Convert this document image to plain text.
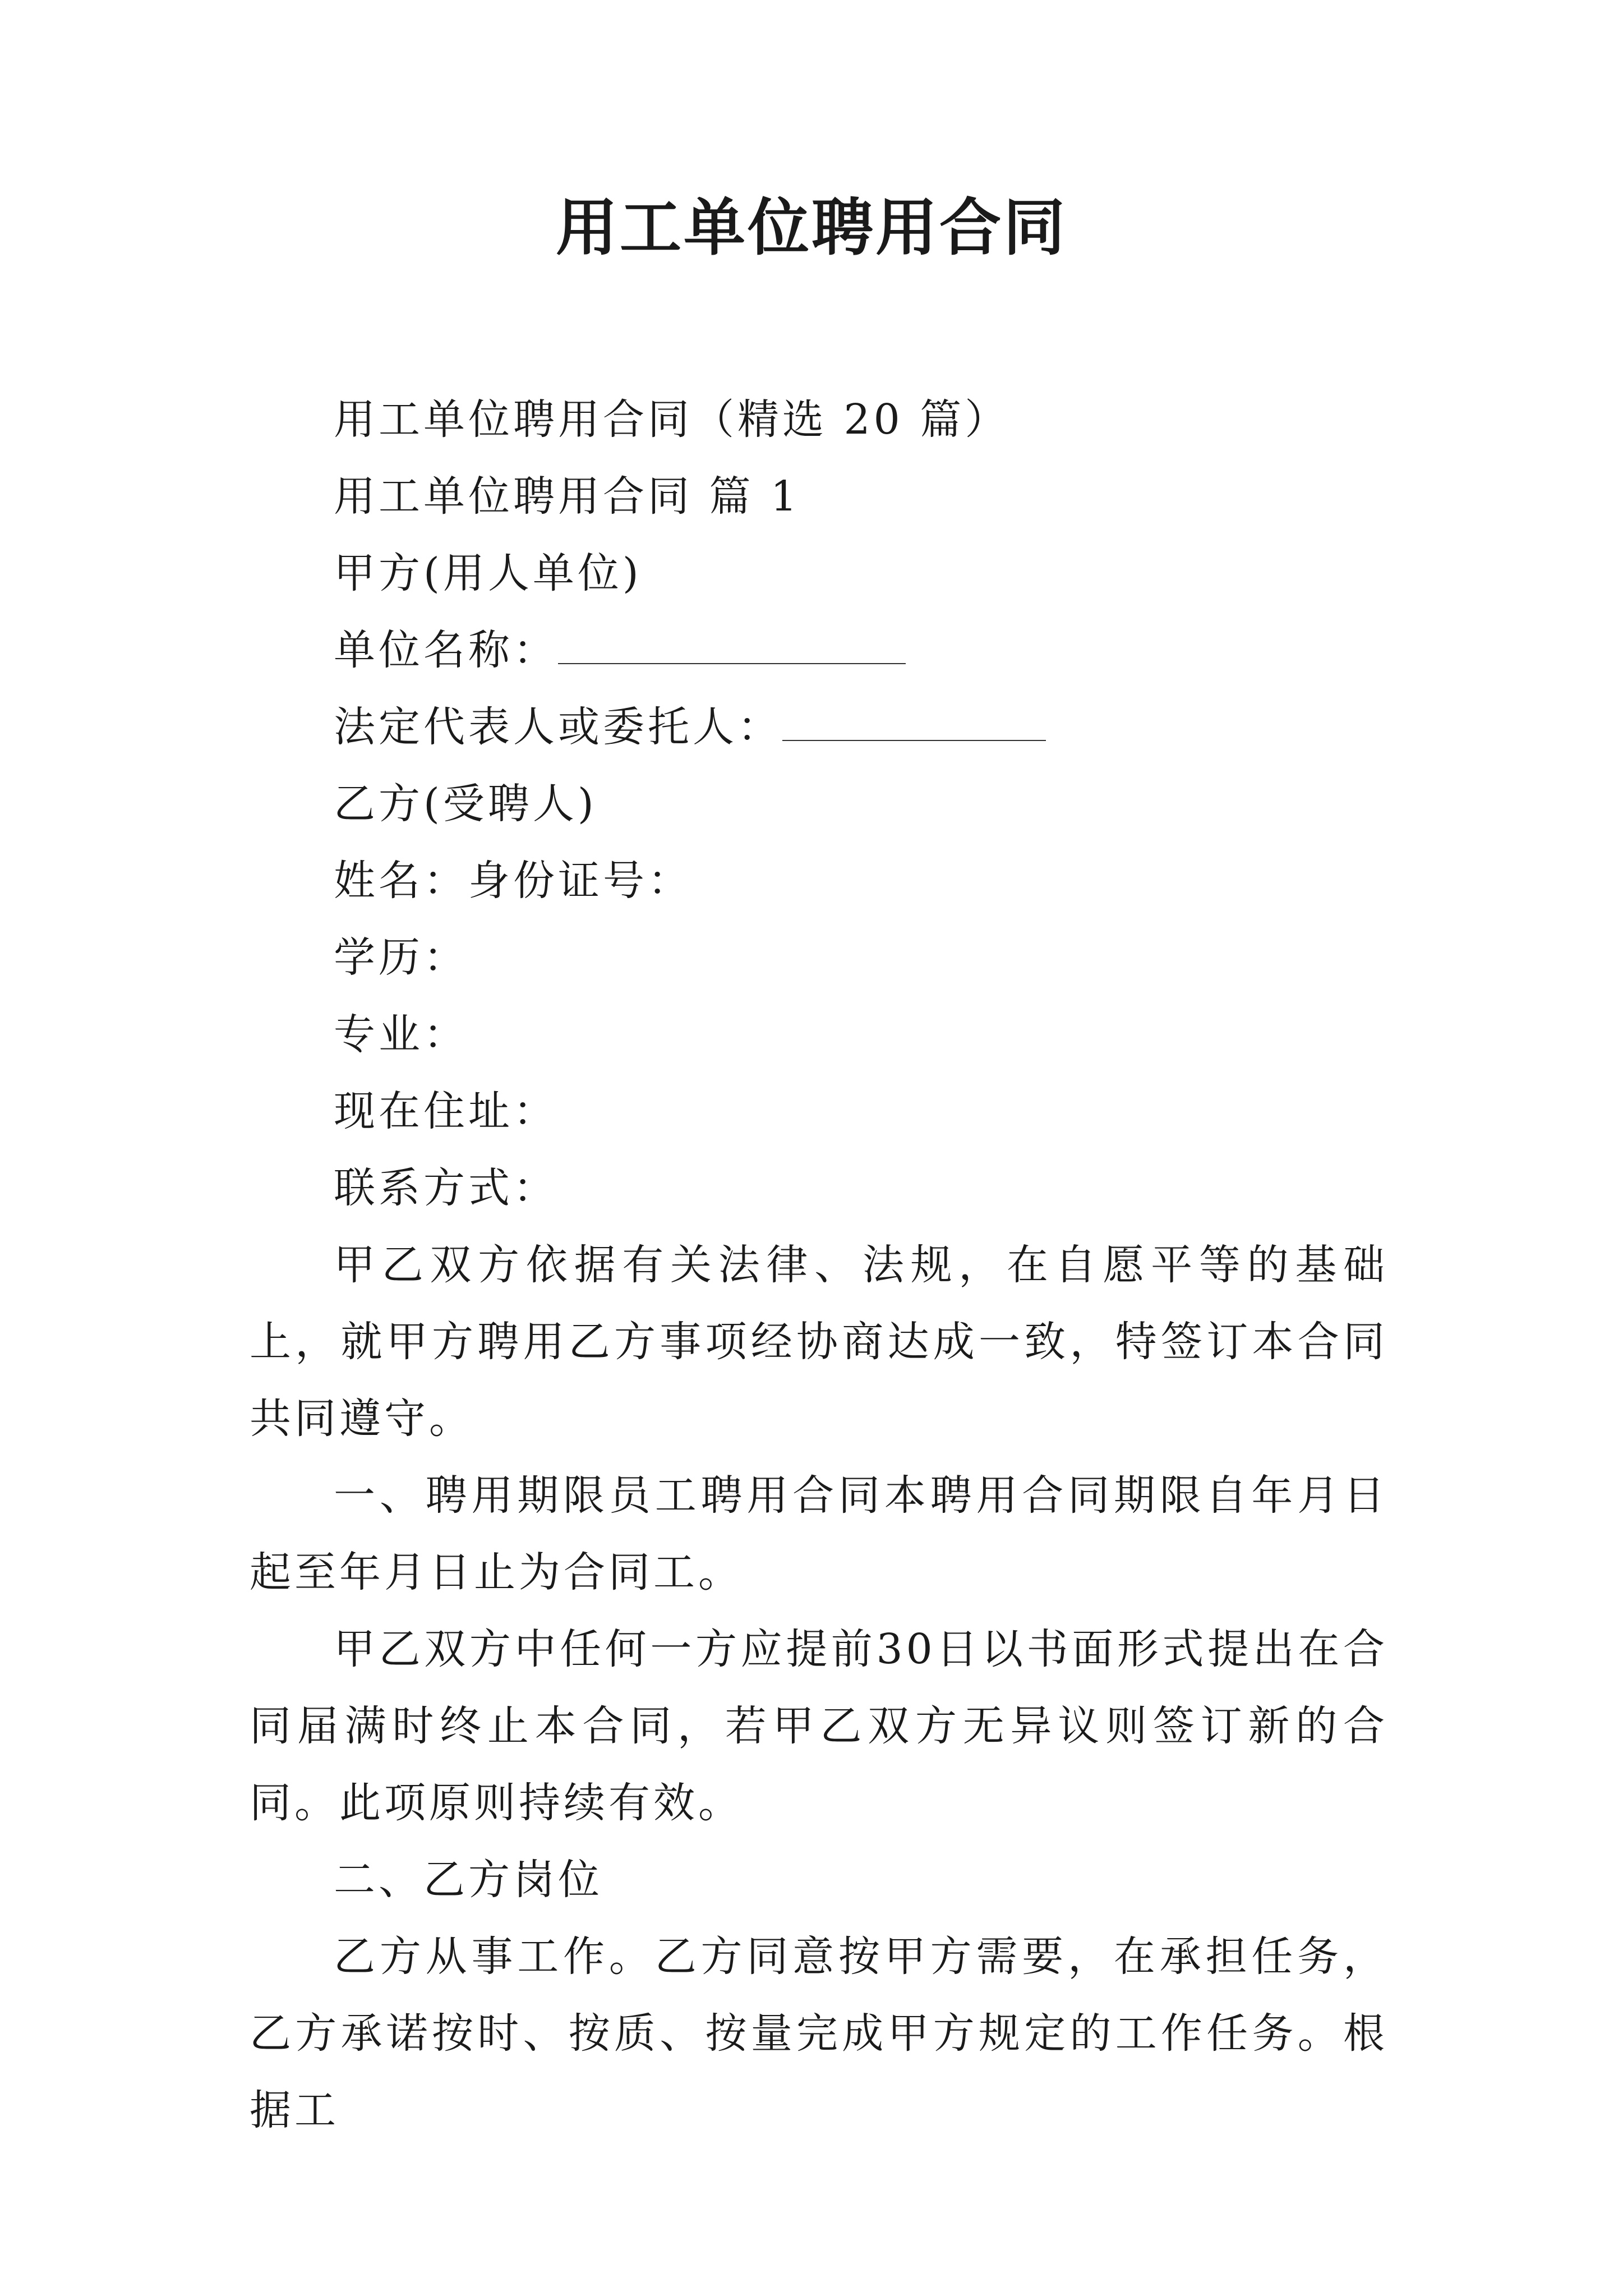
用工单位聘用合同

用工单位聘用合同（精选 20 篇）

用工单位聘用合同 篇 1

甲方(用人单位)

单位名称：

法定代表人或委托人：

乙方(受聘人)

姓名：身份证号：

学历：

专业：

现在住址：

联系方式：

甲乙双方依据有关法律、法规，在自愿平等的基础上，就甲方聘用乙方事项经协商达成一致，特签订本合同共同遵守。

一、聘用期限员工聘用合同本聘用合同期限自年月日起至年月日止为合同工。

甲乙双方中任何一方应提前30日以书面形式提出在合同届满时终止本合同，若甲乙双方无异议则签订新的合同。此项原则持续有效。

二、乙方岗位

乙方从事工作。乙方同意按甲方需要，在承担任务，乙方承诺按时、按质、按量完成甲方规定的工作任务。根据工
